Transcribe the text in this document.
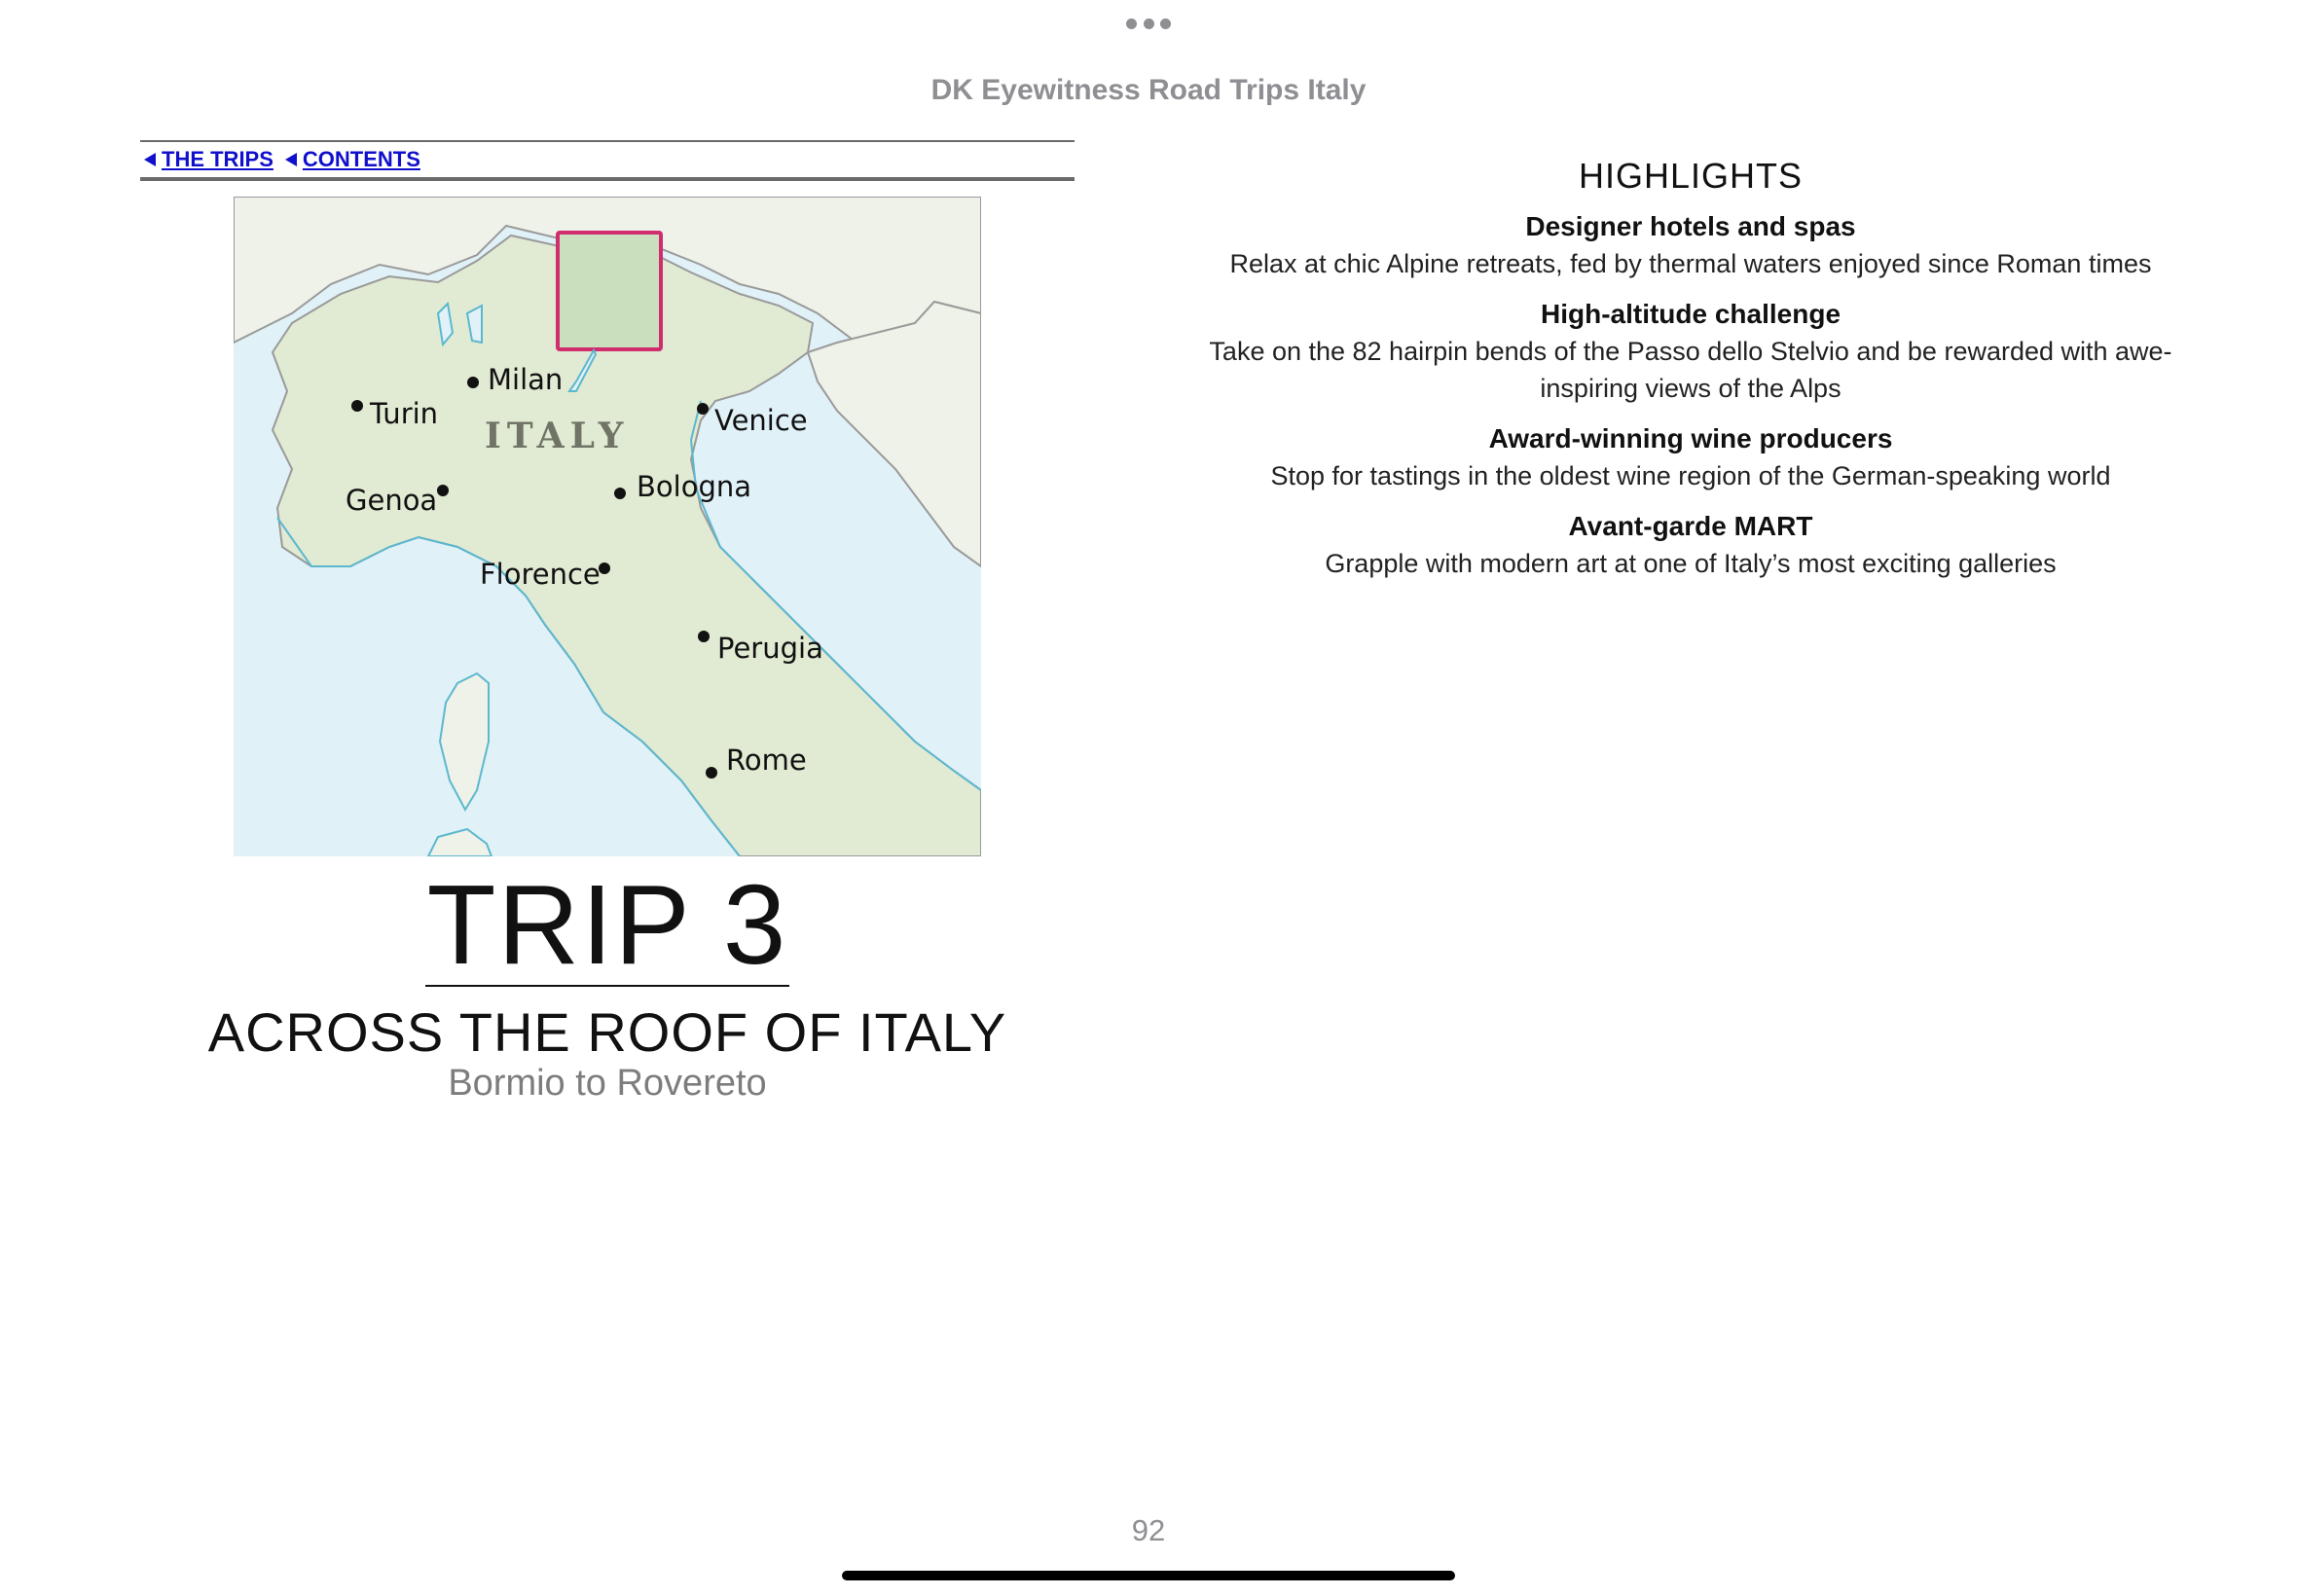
DK Eyewitness Road Trips Italy
THE TRIPS CONTENTS
ITALY
Turin
Milan
Venice
Genoa	Bologna
Florence
Perugia
Rome
TRIP 3
ACROSS THE ROOF OF ITALY
Bormio to Rovereto
HIGHLIGHTS

Designer hotels and spas

Relax at chic Alpine retreats, fed by thermal waters enjoyed since Roman times

High-altitude challenge

Take on the 82 hairpin bends of the Passo dello Stelvio and be rewarded with awe-inspiring views of the Alps

Award-winning wine producers

Stop for tastings in the oldest wine region of the German-speaking world

Avant-garde MART

Grapple with modern art at one of Italy’s most exciting galleries

92
